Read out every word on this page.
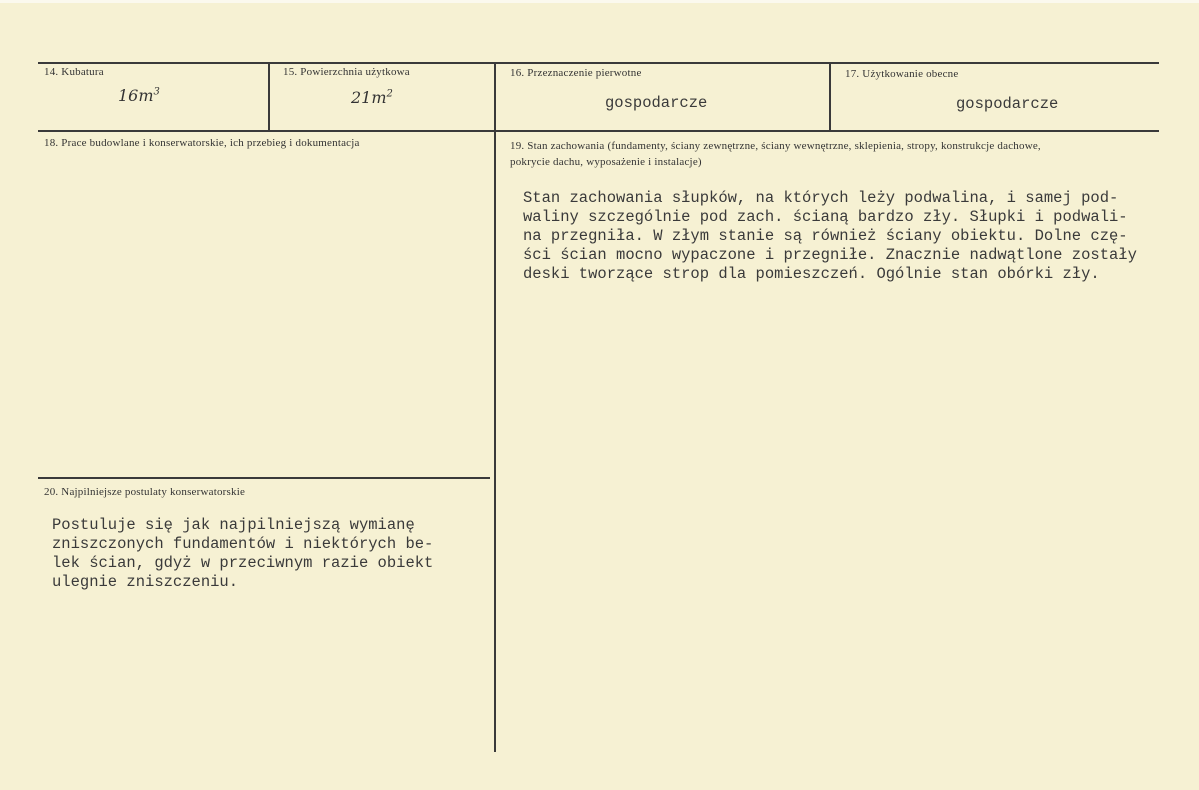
14. Kubatura
$16m^3$
15. Powierzchnia użytkowa
$21m^2$
16. Przeznaczenie pierwotne
gospodarcze
17. Użytkowanie obecne
gospodarcze
18. Prace budowlane i konserwatorskie, ich przebieg i dokumentacja	19. Stan zachowania (fundamenty, ściany zewnętrzne, ściany wewnętrzne, sklepienia, stropy, konstrukcje dachowe, pokrycie dachu, wyposażenie i instalacje)
Stan zachowania słupków, na których leży podwalina, i samej pod-
waliny szczególnie pod zach. ścianą bardzo zły. Słupki i podwali-
na przegniła. W złym stanie są również ściany obiektu. Dolne czę-
ści ścian mocno wypaczone i przegniłe. Znacznie nadwątlone zostały
deski tworzące strop dla pomieszczeń. Ogólnie stan obórki zły.
20. Najpilniejsze postulaty konserwatorskie
Postuluje się jak najpilniejszą wymianę
zniszczonych fundamentów i niektórych be-
lek ścian, gdyż w przeciwnym razie obiekt
ulegnie zniszczeniu.
